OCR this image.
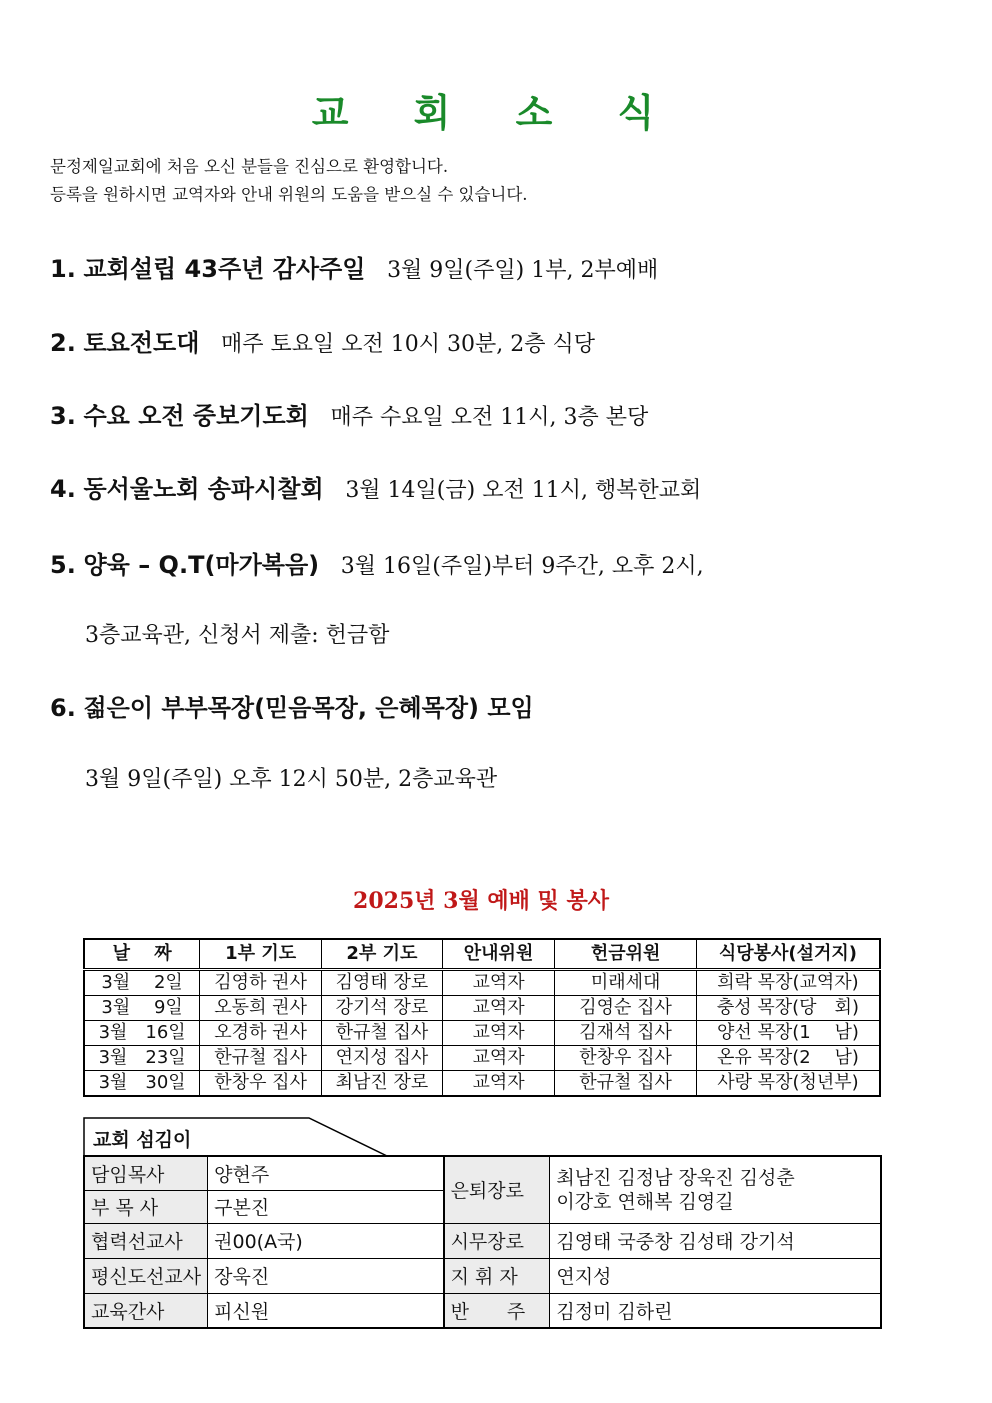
교 회 소 식
문정제일교회에 처음 오신 분들을 진심으로 환영합니다.
등록을 원하시면 교역자와 안내 위원의 도움을 받으실 수 있습니다.
1. 교회설립 43주년 감사주일 3월 9일(주일) 1부, 2부예배
2. 토요전도대 매주 토요일 오전 10시 30분, 2층 식당
3. 수요 오전 중보기도회 매주 수요일 오전 11시, 3층 본당
4. 동서울노회 송파시찰회 3월 14일(금) 오전 11시, 행복한교회
5. 양육 – Q.T(마가복음) 3월 16일(주일)부터 9주간, 오후 2시,
3층교육관, 신청서 제출: 헌금함
6. 젊은이 부부목장(믿음목장, 은혜목장) 모임
3월 9일(주일) 오후 12시 50분, 2층교육관
2025년 3월 예배 및 봉사
날　 짜	1부 기도	2부 기도	안내위원	헌금위원	식당봉사(설거지)
3월　 2일	김영하 권사	김영태 장로	교역자	미래세대	희락 목장(교역자)
3월　 9일	오동희 권사	강기석 장로	교역자	김영순 집사	충성 목장(당　회)
3월　16일	오경하 권사	한규철 집사	교역자	김재석 집사	양선 목장(1　 남)
3월　23일	한규철 집사	연지성 집사	교역자	한창우 집사	온유 목장(2　 남)
3월　30일	한창우 집사	최남진 장로	교역자	한규철 집사	사랑 목장(청년부)
교회 섬김이
담임목사	양현주	은퇴장로	최남진 김정남 장욱진 김성춘
이강호 연해복 김영길

부 목 사	구본진		
협력선교사	권00(A국)	시무장로	김영태 국중창 김성태 강기석
평신도선교사	장욱진	지 휘 자	연지성
교육간사	피신원	반　　주	김정미 김하린
